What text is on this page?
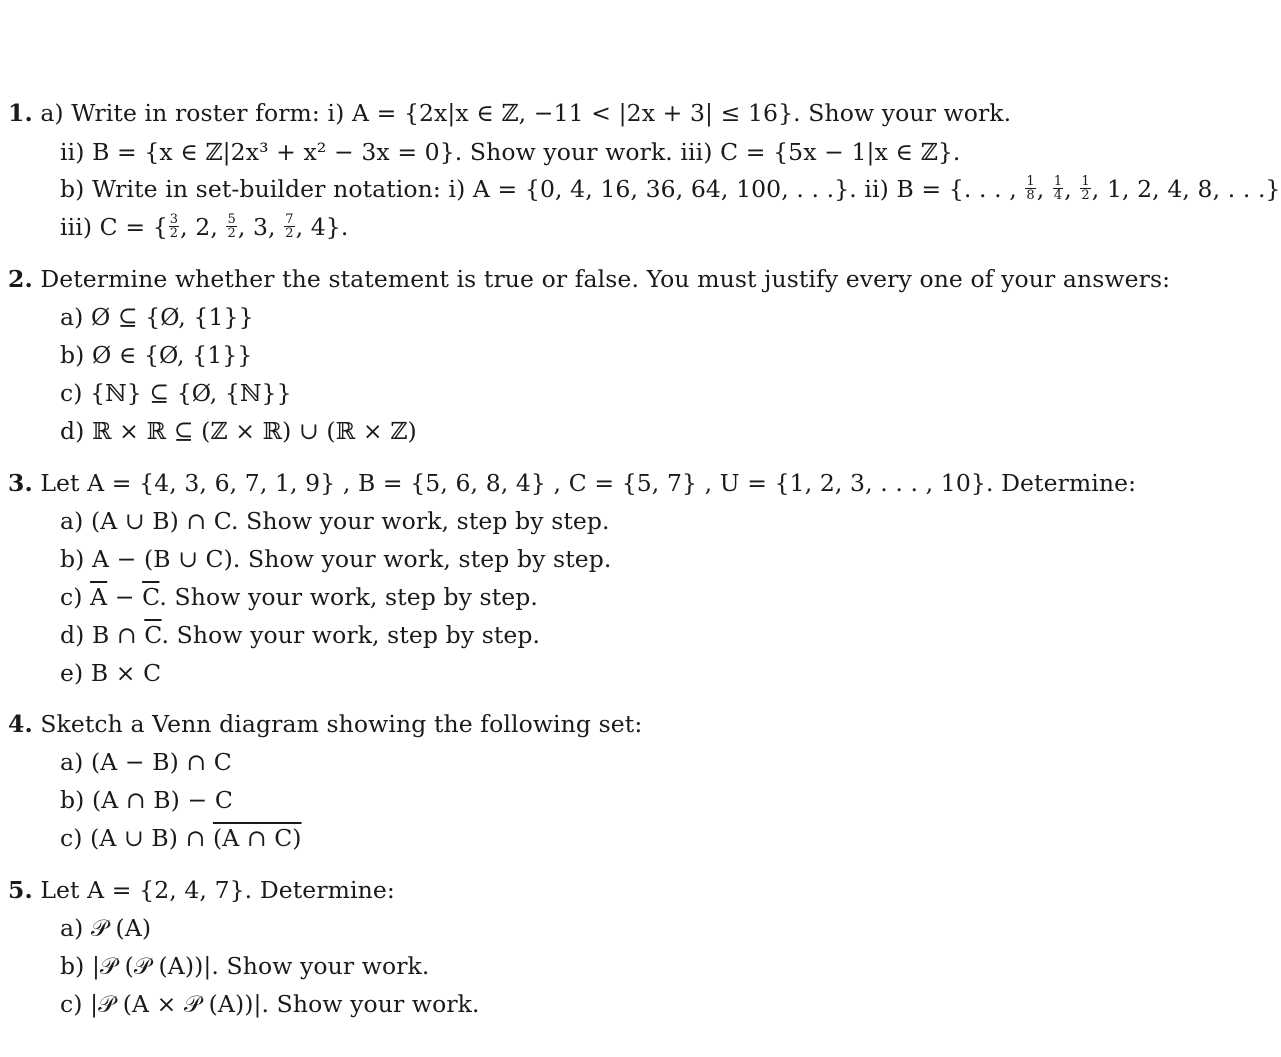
1. a) Write in roster form: i) A = {2x|x ∈ ℤ, −11 < |2x + 3| ≤ 16}. Show your work.
ii) B = {x ∈ ℤ|2x³ + x² − 3x = 0}. Show your work. iii) C = {5x − 1|x ∈ ℤ}.
b) Write in set-builder notation: i) A = {0, 4, 16, 36, 64, 100, . . .}. ii) B = {. . . , $\frac{1}{8}$ , $\frac{1}{4}$ , $\frac{1}{2}$ , 1, 2, 4, 8, . . .}
iii) C = { $\frac{3}{2}$ , 2, $\frac{5}{2}$ , 3, $\frac{7}{2}$ , 4}.
2. Determine whether the statement is true or false. You must justify every one of your answers:
a) Ø ⊆ {Ø, {1}}
b) Ø ∈ {Ø, {1}}
c) {ℕ} ⊆ {Ø, {ℕ}}
d) ℝ × ℝ ⊆ (ℤ × ℝ) ∪ (ℝ × ℤ)
3. Let A = {4, 3, 6, 7, 1, 9} , B = {5, 6, 8, 4} , C = {5, 7} , U = {1, 2, 3, . . . , 10}. Determine:
a) (A ∪ B) ∩ C. Show your work, step by step.
b) A − (B ∪ C). Show your work, step by step.
c) $\overline{A} - \overline{C}$. Show your work, step by step.
d) B ∩ $\overline{C}$. Show your work, step by step.
e) B × C
4. Sketch a Venn diagram showing the following set:
a) (A − B) ∩ C
b) (A ∩ B) − C
c) (A ∪ B) ∩ (A ∩ C)
5. Let A = {2, 4, 7}. Determine:
a) 𝒫 (A)
b) |𝒫 (𝒫 (A))|. Show your work.
c) |𝒫 (A × 𝒫 (A))|. Show your work.
